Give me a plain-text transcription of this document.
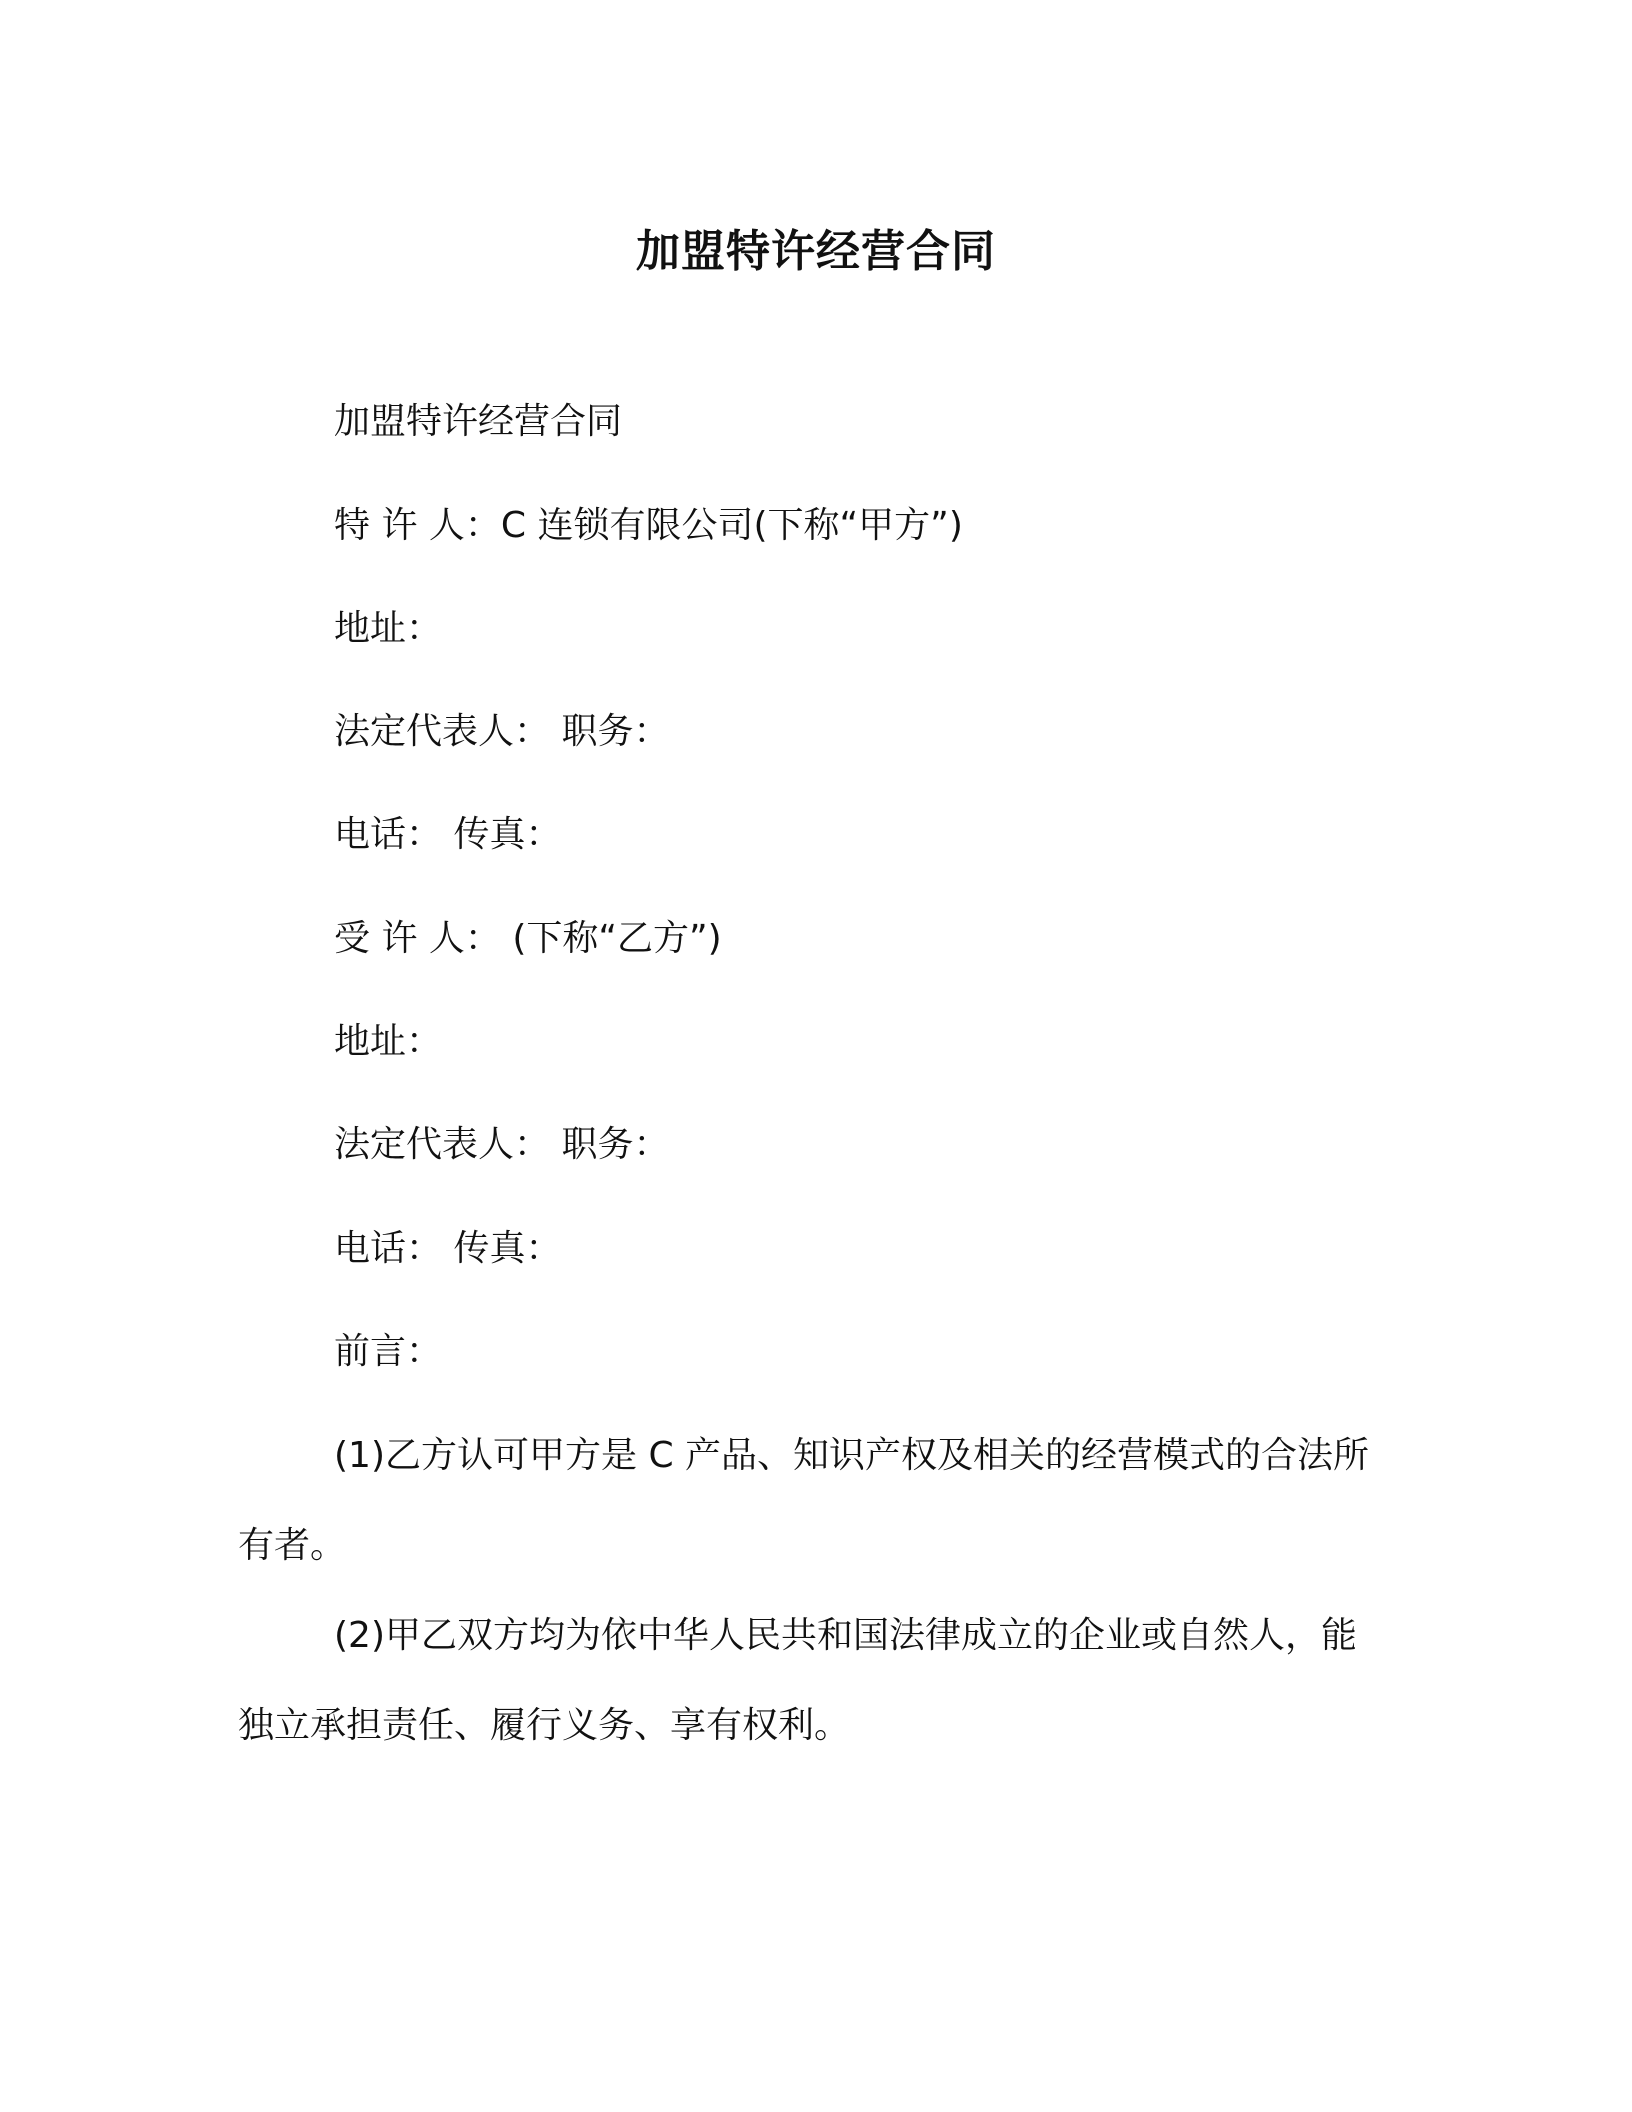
加盟特许经营合同
加盟特许经营合同
特 许 人：C 连锁有限公司(下称“甲方”)
地址：
法定代表人： 职务：
电话： 传真：
受 许 人： (下称“乙方”)
地址：
法定代表人： 职务：
电话： 传真：
前言：
(1)乙方认可甲方是 C 产品、知识产权及相关的经营模式的合法所有者。
(2)甲乙双方均为依中华人民共和国法律成立的企业或自然人，能独立承担责任、履行义务、享有权利。
